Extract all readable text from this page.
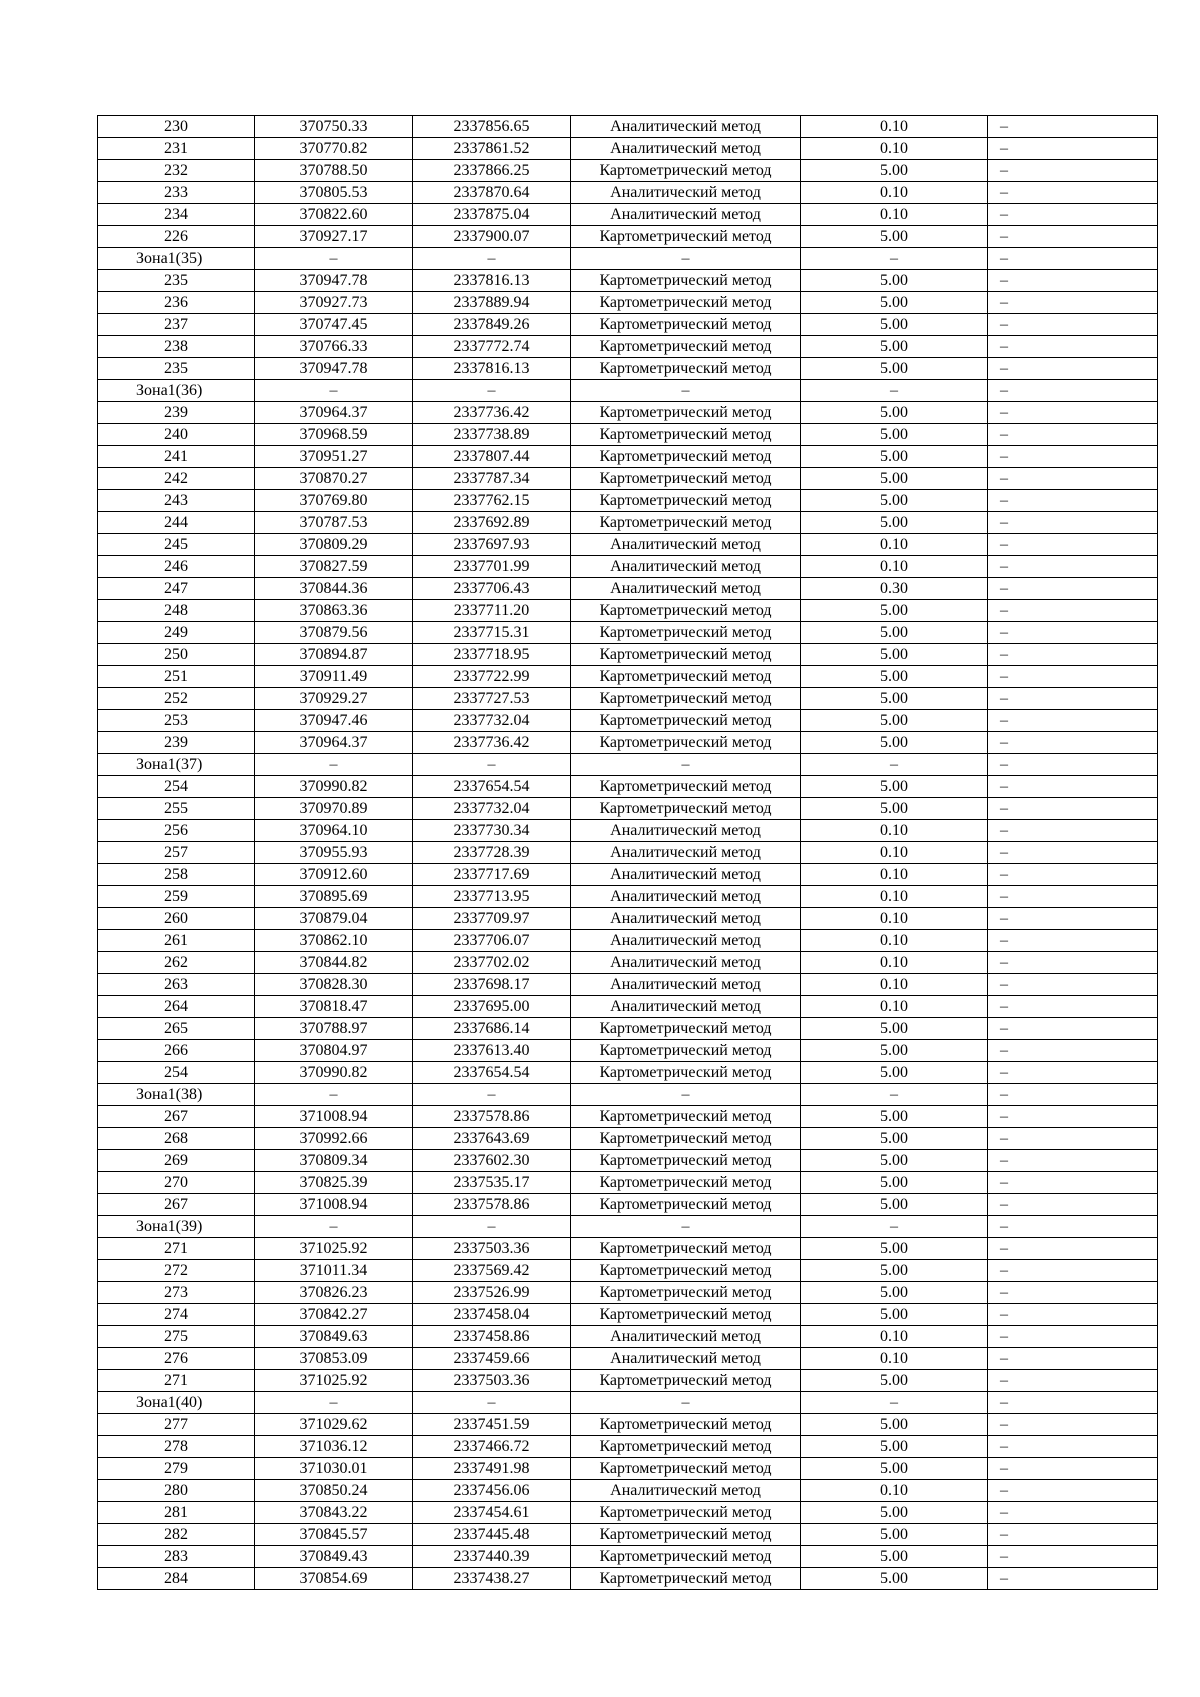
230	370750.33	2337856.65	Аналитический метод	0.10	–
231	370770.82	2337861.52	Аналитический метод	0.10	–
232	370788.50	2337866.25	Картометрический метод	5.00	–
233	370805.53	2337870.64	Аналитический метод	0.10	–
234	370822.60	2337875.04	Аналитический метод	0.10	–
226	370927.17	2337900.07	Картометрический метод	5.00	–
Зона1(35)	–	–	–	–	–
235	370947.78	2337816.13	Картометрический метод	5.00	–
236	370927.73	2337889.94	Картометрический метод	5.00	–
237	370747.45	2337849.26	Картометрический метод	5.00	–
238	370766.33	2337772.74	Картометрический метод	5.00	–
235	370947.78	2337816.13	Картометрический метод	5.00	–
Зона1(36)	–	–	–	–	–
239	370964.37	2337736.42	Картометрический метод	5.00	–
240	370968.59	2337738.89	Картометрический метод	5.00	–
241	370951.27	2337807.44	Картометрический метод	5.00	–
242	370870.27	2337787.34	Картометрический метод	5.00	–
243	370769.80	2337762.15	Картометрический метод	5.00	–
244	370787.53	2337692.89	Картометрический метод	5.00	–
245	370809.29	2337697.93	Аналитический метод	0.10	–
246	370827.59	2337701.99	Аналитический метод	0.10	–
247	370844.36	2337706.43	Аналитический метод	0.30	–
248	370863.36	2337711.20	Картометрический метод	5.00	–
249	370879.56	2337715.31	Картометрический метод	5.00	–
250	370894.87	2337718.95	Картометрический метод	5.00	–
251	370911.49	2337722.99	Картометрический метод	5.00	–
252	370929.27	2337727.53	Картометрический метод	5.00	–
253	370947.46	2337732.04	Картометрический метод	5.00	–
239	370964.37	2337736.42	Картометрический метод	5.00	–
Зона1(37)	–	–	–	–	–
254	370990.82	2337654.54	Картометрический метод	5.00	–
255	370970.89	2337732.04	Картометрический метод	5.00	–
256	370964.10	2337730.34	Аналитический метод	0.10	–
257	370955.93	2337728.39	Аналитический метод	0.10	–
258	370912.60	2337717.69	Аналитический метод	0.10	–
259	370895.69	2337713.95	Аналитический метод	0.10	–
260	370879.04	2337709.97	Аналитический метод	0.10	–
261	370862.10	2337706.07	Аналитический метод	0.10	–
262	370844.82	2337702.02	Аналитический метод	0.10	–
263	370828.30	2337698.17	Аналитический метод	0.10	–
264	370818.47	2337695.00	Аналитический метод	0.10	–
265	370788.97	2337686.14	Картометрический метод	5.00	–
266	370804.97	2337613.40	Картометрический метод	5.00	–
254	370990.82	2337654.54	Картометрический метод	5.00	–
Зона1(38)	–	–	–	–	–
267	371008.94	2337578.86	Картометрический метод	5.00	–
268	370992.66	2337643.69	Картометрический метод	5.00	–
269	370809.34	2337602.30	Картометрический метод	5.00	–
270	370825.39	2337535.17	Картометрический метод	5.00	–
267	371008.94	2337578.86	Картометрический метод	5.00	–
Зона1(39)	–	–	–	–	–
271	371025.92	2337503.36	Картометрический метод	5.00	–
272	371011.34	2337569.42	Картометрический метод	5.00	–
273	370826.23	2337526.99	Картометрический метод	5.00	–
274	370842.27	2337458.04	Картометрический метод	5.00	–
275	370849.63	2337458.86	Аналитический метод	0.10	–
276	370853.09	2337459.66	Аналитический метод	0.10	–
271	371025.92	2337503.36	Картометрический метод	5.00	–
Зона1(40)	–	–	–	–	–
277	371029.62	2337451.59	Картометрический метод	5.00	–
278	371036.12	2337466.72	Картометрический метод	5.00	–
279	371030.01	2337491.98	Картометрический метод	5.00	–
280	370850.24	2337456.06	Аналитический метод	0.10	–
281	370843.22	2337454.61	Картометрический метод	5.00	–
282	370845.57	2337445.48	Картометрический метод	5.00	–
283	370849.43	2337440.39	Картометрический метод	5.00	–
284	370854.69	2337438.27	Картометрический метод	5.00	–
